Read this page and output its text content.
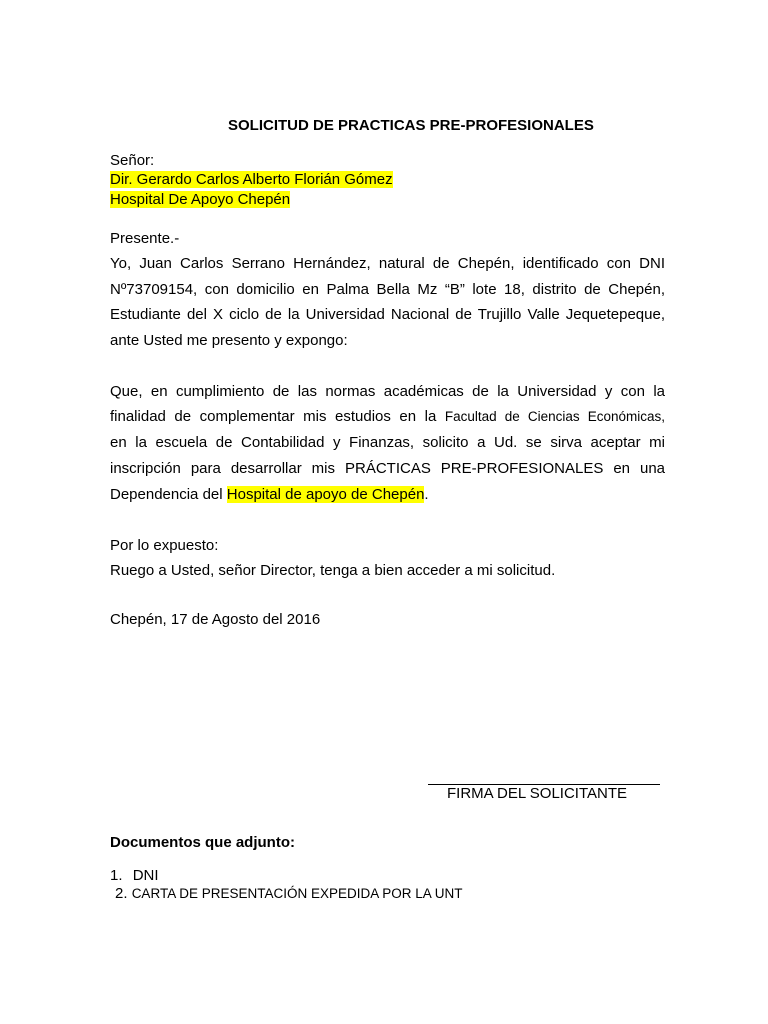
SOLICITUD DE PRACTICAS PRE-PROFESIONALES
Señor:
Dir. Gerardo Carlos Alberto Florián Gómez
Hospital De Apoyo Chepén
Presente.-
Yo, Juan Carlos Serrano Hernández, natural de Chepén, identificado con DNI
Nº73709154, con domicilio en Palma Bella Mz “B” lote 18, distrito de Chepén,
Estudiante del X ciclo de la Universidad Nacional de Trujillo Valle Jequetepeque,
ante Usted me presento y expongo:
Que, en cumplimiento de las normas académicas de la Universidad y con la
finalidad de complementar mis estudios en la Facultad de Ciencias Económicas,
en la escuela de Contabilidad y Finanzas, solicito a Ud. se sirva aceptar mi
inscripción para desarrollar mis PRÁCTICAS PRE-PROFESIONALES en una
Dependencia del Hospital de apoyo de Chepén.
Por lo expuesto:
Ruego a Usted, señor Director, tenga a bien acceder a mi solicitud.
Chepén, 17 de Agosto del 2016
FIRMA DEL SOLICITANTE
Documentos que adjunto:
1. DNI
2. CARTA DE PRESENTACIÓN EXPEDIDA POR LA UNT
